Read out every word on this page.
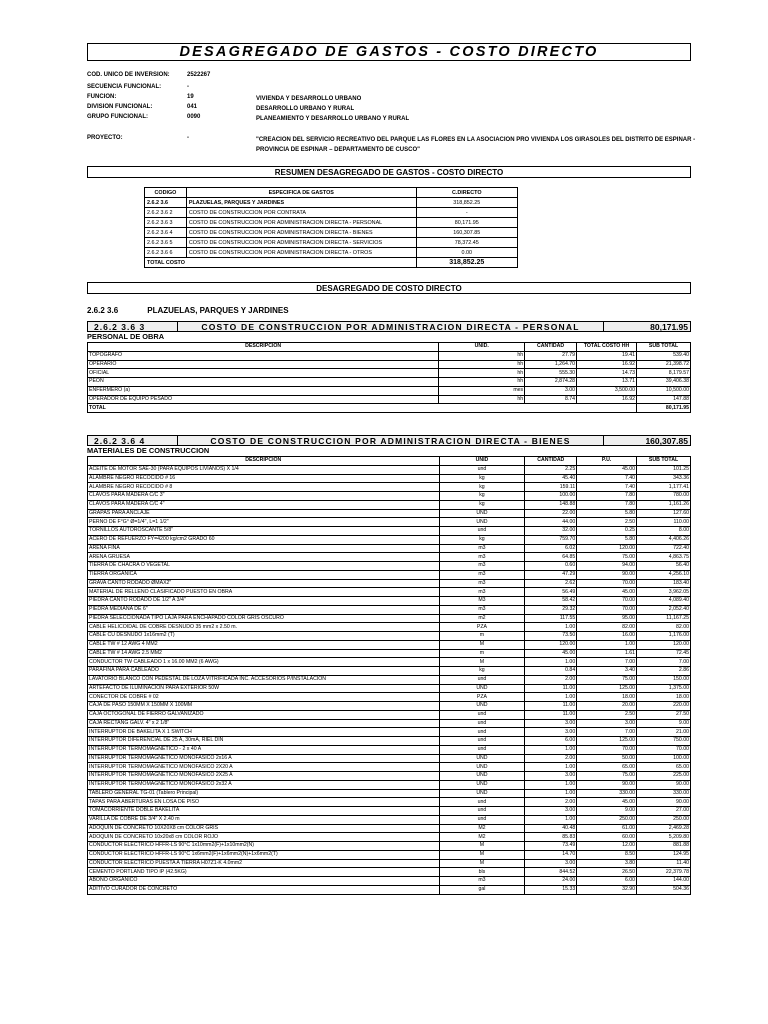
DESAGREGADO DE GASTOS - COSTO DIRECTO
COD. UNICO DE INVERSION:	2522267
SECUENCIA FUNCIONAL:	-
FUNCION:	19	VIVIENDA Y DESARROLLO URBANO
DIVISION FUNCIONAL:	041	DESARROLLO URBANO Y RURAL
GRUPO FUNCIONAL:	0090	PLANEAMIENTO Y DESARROLLO URBANO Y RURAL
PROYECTO:	-	"CREACION DEL SERVICIO RECREATIVO DEL PARQUE LAS FLORES EN LA ASOCIACION PRO VIVIENDA LOS GIRASOLES DEL DISTRITO DE ESPINAR - PROVINCIA DE ESPINAR – DEPARTAMENTO DE CUSCO"
RESUMEN DESAGREGADO DE GASTOS - COSTO DIRECTO
CODIGO	ESPECIFICA DE GASTOS	C.DIRECTO
2.6.2 3.6	PLAZUELAS, PARQUES Y JARDINES	318,852.25
2.6.2 3.6 2	COSTO DE CONSTRUCCION POR CONTRATA	-
2.6.2 3.6 3	COSTO DE CONSTRUCCION POR ADMINISTRACION DIRECTA - PERSONAL	80,171.95
2.6.2 3.6 4	COSTO DE CONSTRUCCION POR ADMINISTRACION DIRECTA - BIENES	160,307.85
2.6.2 3.6 5	COSTO DE CONSTRUCCION POR ADMINISTRACION DIRECTA - SERVICIOS	78,372.45
2.6.2 3.6 6	COSTO DE CONSTRUCCION POR ADMINISTRACION DIRECTA - OTROS	0.00
TOTAL COSTO		318,852.25
DESAGREGADO DE COSTO DIRECTO
2.6.2 3.6	PLAZUELAS, PARQUES Y JARDINES
2.6.2 3.6 3	COSTO DE CONSTRUCCION POR ADMINISTRACION DIRECTA - PERSONAL	80,171.95
PERSONAL DE OBRA
DESCRIPCION	UNID.	CANTIDAD	TOTAL COSTO HH	SUB TOTAL
TOPOGRAFO	hh	27.79	19.41	539.40
OPERARIO	hh	1,264.70	16.92	21,398.72
OFICIAL	hh	555.30	14.73	8,179.57
PEON	hh	2,874.28	13.71	39,406.38
ENFERMERO (a)	mes	3.00	3,500.00	10,500.00
OPERADOR DE EQUIPO PESADO	hh	8.74	16.92	147.88
TOTAL				80,171.95
2.6.2 3.6 4	COSTO DE CONSTRUCCION POR ADMINISTRACION DIRECTA - BIENES	160,307.85
MATERIALES DE CONSTRUCCION
DESCRIPCION	UNID	CANTIDAD	P.U.	SUB TOTAL
ACEITE DE MOTOR SAE-30 (PARA EQUIPOS LIVIANOS) X 1/4	und	2.25	45.00	101.25
ALAMBRE NEGRO RECOCIDO # 16	kg	45.40	7.40	343.36
ALAMBRE NEGRO RECOCIDO # 8	kg	159.11	7.40	1,177.41
CLAVOS PARA MADERA C/C 3"	kg	100.00	7.80	780.00
CLAVOS PARA MADERA C/C 4"	kg	148.88	7.80	1,161.26
GRAPAS PARA ANCLAJE	UND	22.00	5.80	127.60
PERNO DE F°G° Ø=1/4", L=1 1/2"	UND	44.00	2.50	110.00
TORNILLOS AUTOROSCANTE 5/8"	und	32.00	0.25	8.00
ACERO DE REFUERZO FY=4200 kg/cm2 GRADO 60	kg	759.70	5.80	4,406.26
ARENA FINA	m3	6.02	120.00	722.40
ARENA GRUESA	m3	64.85	75.00	4,863.75
TIERRA DE CHACRA O VEGETAL	m3	0.60	94.00	56.40
TIERRA ORGANICA	m3	47.29	90.00	4,256.10
GRAVA CANTO RODADO ØMAX2"	m3	2.62	70.00	183.40
MATERIAL DE RELLENO CLASIFICADO PUESTO EN OBRA	m3	56.49	45.00	3,962.05
PIEDRA CANTO RODADO DE 1/2" A 3/4"	M3	58.42	70.00	4,089.40
PIEDRA MEDIANA DE 6"	m3	29.32	70.00	2,052.40
PIEDRA SELECCIONADA TIPO LAJA PARA ENCHAPADO COLOR GRIS OSCURO	m2	117.55	95.00	11,167.25
CABLE HELICOIDAL DE COBRE DESNUDO 35 mm2 x 2.50 m.	PZA	1.00	82.00	82.00
CABLE CU DESNUDO 1x16mm2 (T)	m	73.50	16.00	1,176.00
CABLE TW # 12 AWG 4 MM2	M	120.00	1.00	120.00
CABLE TW # 14 AWG 2.5 MM2	m	45.00	1.61	72.45
CONDUCTOR TW CABLEADO 1 x 16.00 MM2 (6 AWG)	M	1.00	7.00	7.00
PARAFINA PARA CABLEADO	kg	0.84	3.40	2.86
LAVATORIO BLANCO CON PEDESTAL DE LOZA VITRIFICADA INC. ACCESORIOS P/INSTALACION	und	2.00	75.00	150.00
ARTEFACTO DE ILUMINACION PARA EXTERIOR 50W	UND	11.00	125.00	1,375.00
CONECTOR DE COBRE # 02	PZA	1.00	18.00	18.00
CAJA DE PASO 150MM X 150MM X 100MM	UND	11.00	20.00	220.00
CAJA OCTOGONAL DE FIERRO GALVANIZADO	und	11.00	2.50	27.50
CAJA RECTANG GALV. 4" x 2 1/8"	und	3.00	3.00	9.00
INTERRUPTOR DE BAKELITA X 1 SWITCH	und	3.00	7.00	21.00
INTERRUPTOR DIFERENCIAL DE 25 A, 30mA, RIEL DIN	und	6.00	125.00	750.00
INTERRUPTOR TERMOMAGNETICO - 2 x 40 A	und	1.00	70.00	70.00
INTERRUPTOR TERMOMAGNETICO MONOFASICO 2x16 A	UND	2.00	50.00	100.00
INTERRUPTOR TERMOMAGNETICO MONOFASICO 2X20 A	UND	1.00	65.00	65.00
INTERRUPTOR TERMOMAGNETICO MONOFASICO 2X25 A	UND	3.00	75.00	225.00
INTERRUPTOR TERMOMAGNETICO MONOFASICO 2x32 A	UND	1.00	90.00	90.00
TABLERO GENERAL TG-01 (Tablero Principal)	UND	1.00	330.00	330.00
TAPAS PARA ABERTURAS EN LOSA DE PISO	und	2.00	45.00	90.00
TOMACORRIENTE DOBLE BAKELITA	und	3.00	9.00	27.00
VARILLA DE COBRE DE 3/4" X 2.40 m	und	1.00	250.00	250.00
ADOQUIN DE CONCRETO 10X20X8 cm COLOR GRIS	M2	40.48	61.00	2,469.28
ADOQUIN DE CONCRETO 10x20x8 cm COLOR ROJO	M2	85.83	60.00	5,209.80
CONDUCTOR ELECTRICO HFFR-LS 90°C 1x10mm2(F)+1x10mm2(N)	M	73.49	12.00	881.88
CONDUCTOR ELECTRICO HFFR-LS 90°C 1x6mm2(F)+1x6mm2(N)+1x6mm2(T)	M	14.70	8.50	124.95
CONDUCTOR ELECTRICO PUESTA A TIERRA H07Z1-K 4.0mm2	M	3.00	3.80	11.40
CEMENTO PORTLAND TIPO IP (42.5KG)	bls	844.52	26.50	22,379.78
ABONO ORGANICO	m3	24.00	6.00	144.00
ADITIVO CURADOR DE CONCRETO	gal	15.33	32.90	504.36
